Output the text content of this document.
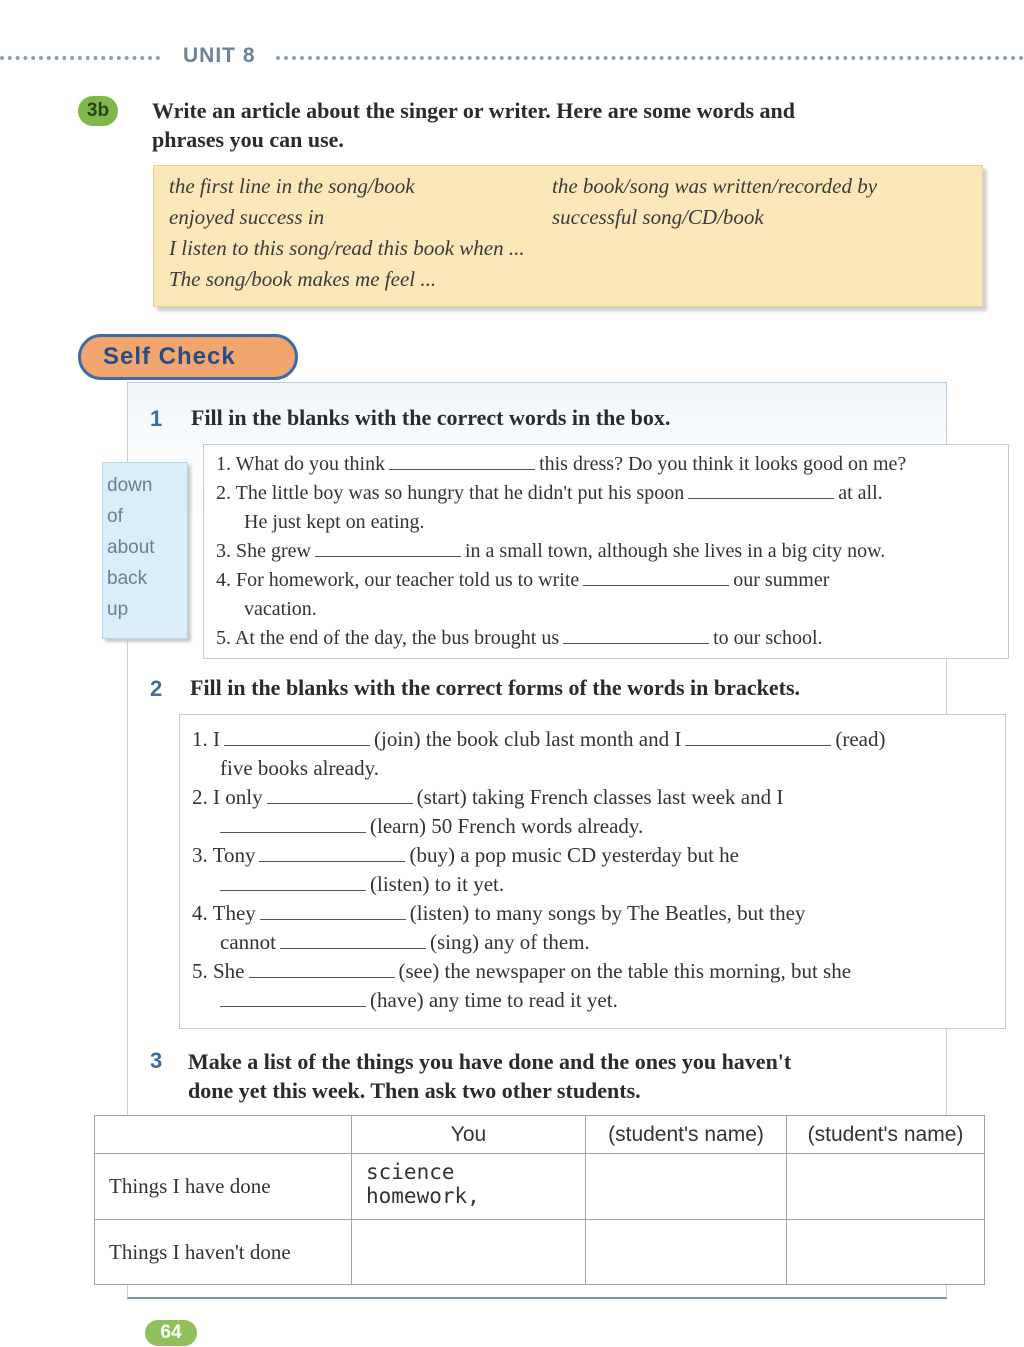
UNIT 8
3b	Write an article about the singer or writer. Here are some words and
phrases you can use.
the first line in the song/book	the book/song was written/recorded by
enjoyed success in	successful song/CD/book
I listen to this song/read this book when ...
The song/book makes me feel ...
Self Check
1 Fill in the blanks with the correct words in the box.
1. What do you think	this dress? Do you think it looks good on me?
2. The little boy was so hungry that he didn't put his spoon	at all.
He just kept on eating.
3. She grew	in a small town, although she lives in a big city now.
4. For homework, our teacher told us to write	our summer
vacation.
5. At the end of the day, the bus brought us	to our school.
down
of
about
back
up
2 Fill in the blanks with the correct forms of the words in brackets.
1. I	(join) the book club last month and I	(read)
five books already.
2. I only	(start) taking French classes last week and I
(learn) 50 French words already.
3. Tony	(buy) a pop music CD yesterday but he
(listen) to it yet.
4. They	(listen) to many songs by The Beatles, but they
cannot	(sing) any of them.
5. She	(see) the newspaper on the table this morning, but she
(have) any time to read it yet.
3 Make a list of the things you have done and the ones you haven't
done yet this week. Then ask two other students.
	You	(student's name)	(student's name)
Things I have done	science homework,		
Things I haven't done			
64
